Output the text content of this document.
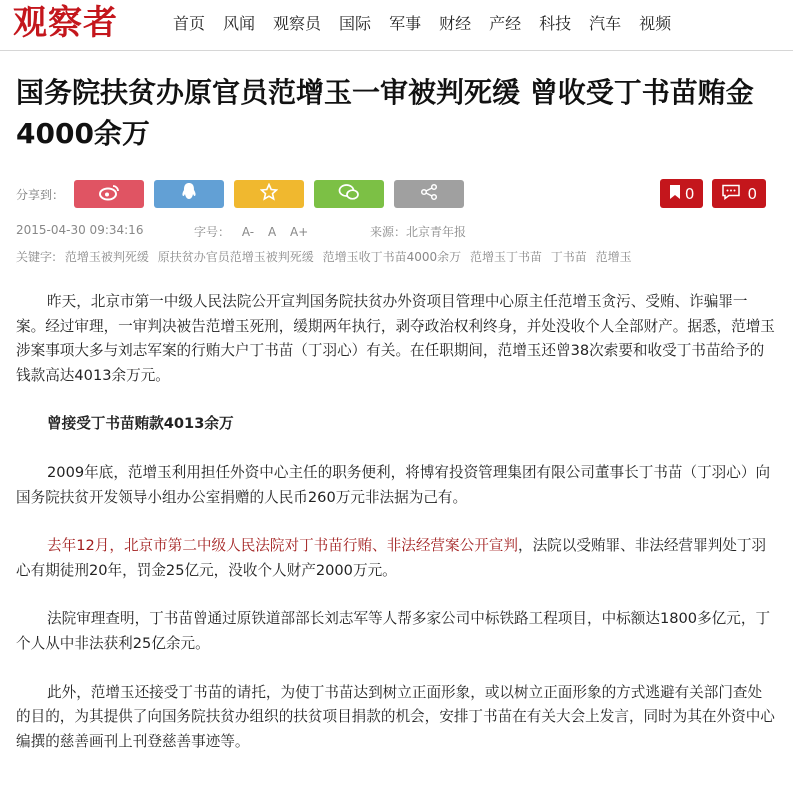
观察者	首页 风闻 观察员 国际 军事 财经 产经 科技 汽车 视频
国务院扶贫办原官员范增玉一审被判死缓 曾收受丁书苗贿金4000余万
分享到：	0	0
2015-04-30 09:34:16	字号： A- A A+	来源：北京青年报
关键字: 范增玉被判死缓 原扶贫办官员范增玉被判死缓 范增玉收丁书苗4000余万 范增玉丁书苗 丁书苗 范增玉

昨天，北京市第一中级人民法院公开宣判国务院扶贫办外资项目管理中心原主任范增玉贪污、受贿、诈骗罪一案。经过审理，一审判决被告范增玉死刑，缓期两年执行，剥夺政治权利终身，并处没收个人全部财产。据悉，范增玉涉案事项大多与刘志军案的行贿大户丁书苗（丁羽心）有关。在任职期间，范增玉还曾38次索要和收受丁书苗给予的钱款高达4013余万元。

曾接受丁书苗贿款4013余万

2009年底，范增玉利用担任外资中心主任的职务便利，将博宥投资管理集团有限公司董事长丁书苗（丁羽心）向国务院扶贫开发领导小组办公室捐赠的人民币260万元非法据为己有。

去年12月，北京市第二中级人民法院对丁书苗行贿、非法经营案公开宣判，法院以受贿罪、非法经营罪判处丁羽心有期徒刑20年，罚金25亿元，没收个人财产2000万元。

法院审理查明，丁书苗曾通过原铁道部部长刘志军等人帮多家公司中标铁路工程项目，中标额达1800多亿元，丁个人从中非法获利25亿余元。

此外，范增玉还接受丁书苗的请托，为使丁书苗达到树立正面形象，或以树立正面形象的方式逃避有关部门查处的目的，为其提供了向国务院扶贫办组织的扶贫项目捐款的机会，安排丁书苗在有关大会上发言，同时为其在外资中心编撰的慈善画刊上刊登慈善事迹等。
